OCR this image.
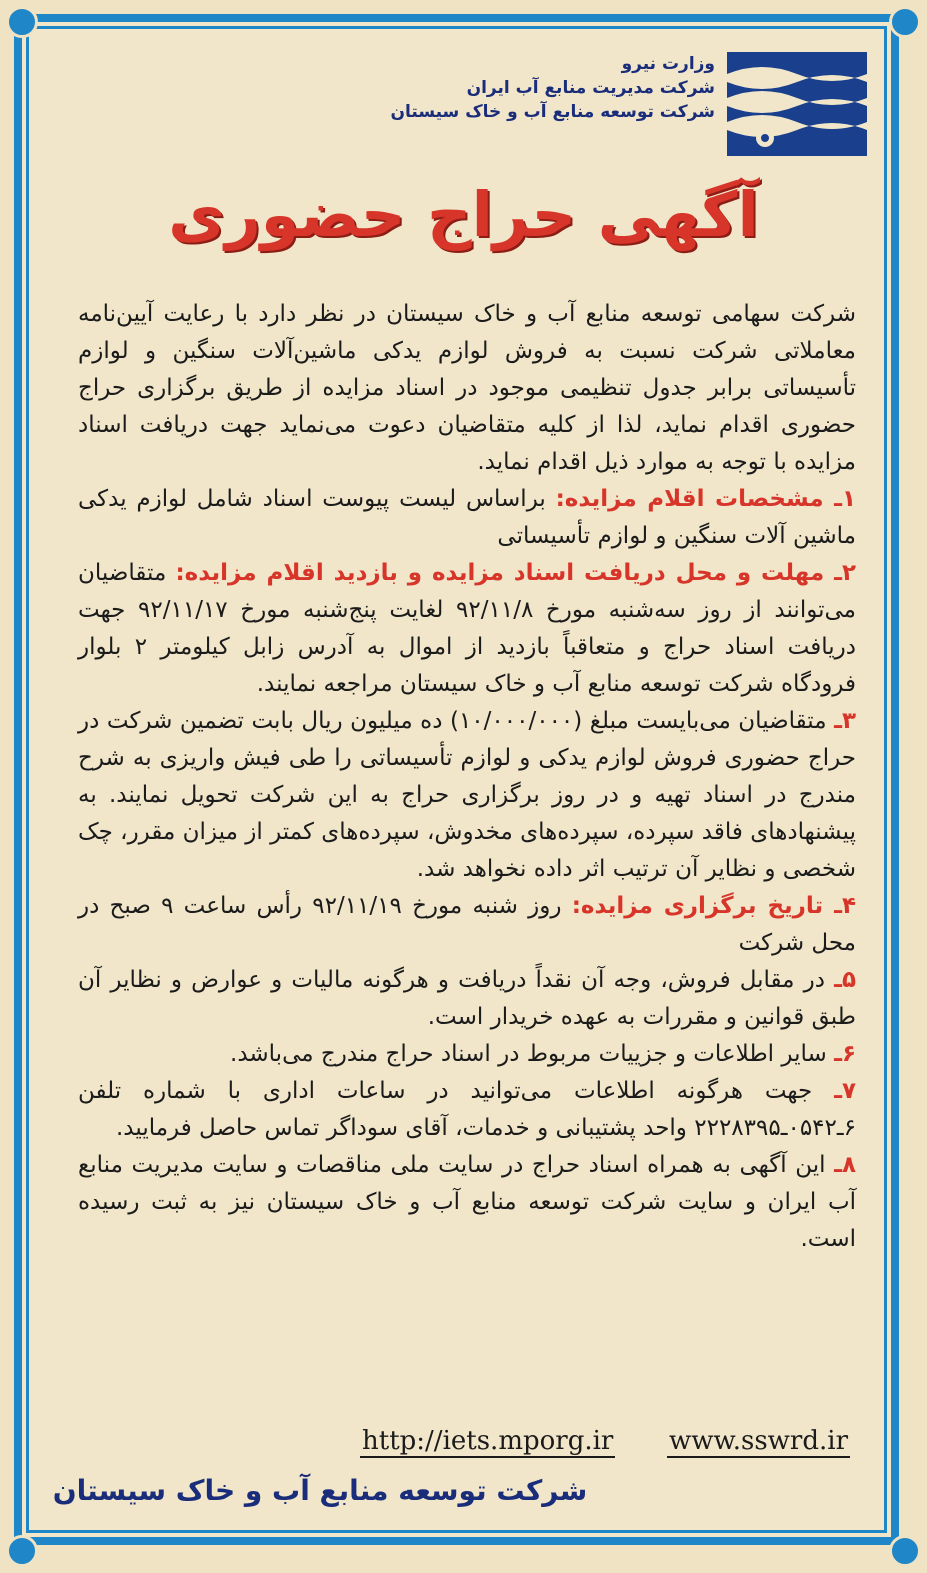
وزارت نیرو
شرکت مدیریت منابع آب ایران
شرکت توسعه منابع آب و خاک سیستان
آگهی حراج حضوری

شرکت سهامی توسعه منابع آب و خاک سیستان در نظر دارد با رعایت آیین‌نامه معاملاتی شرکت نسبت به فروش لوازم یدکی ماشین‌آلات سنگین و لوازم تأسیساتی برابر جدول تنظیمی موجود در اسناد مزایده از طریق برگزاری حراج حضوری اقدام نماید، لذا از کلیه متقاضیان دعوت می‌نماید جهت دریافت اسناد مزایده با توجه به موارد ذیل اقدام نماید.

۱ـ مشخصات اقلام مزایده: براساس لیست پیوست اسناد شامل لوازم یدکی ماشین آلات سنگین و لوازم تأسیساتی

۲ـ مهلت و محل دریافت اسناد مزایده و بازدید اقلام مزایده: متقاضیان می‌توانند از روز سه‌شنبه مورخ ۹۲/۱۱/۸ لغایت پنج‌شنبه مورخ ۹۲/۱۱/۱۷ جهت دریافت اسناد حراج و متعاقباً بازدید از اموال به آدرس زابل کیلومتر ۲ بلوار فرودگاه شرکت توسعه منابع آب و خاک سیستان مراجعه نمایند.

۳ـ متقاضیان می‌بایست مبلغ (۱۰/۰۰۰/۰۰۰) ده میلیون ریال بابت تضمین شرکت در حراج حضوری فروش لوازم یدکی و لوازم تأسیساتی را طی فیش واریزی به شرح مندرج در اسناد تهیه و در روز برگزاری حراج به این شرکت تحویل نمایند. به پیشنهادهای فاقد سپرده، سپرده‌های مخدوش، سپرده‌های کمتر از میزان مقرر، چک شخصی و نظایر آن ترتیب اثر داده نخواهد شد.

۴ـ تاریخ برگزاری مزایده: روز شنبه مورخ ۹۲/۱۱/۱۹ رأس ساعت ۹ صبح در محل شرکت

۵ـ در مقابل فروش، وجه آن نقداً دریافت و هرگونه مالیات و عوارض و نظایر آن طبق قوانین و مقررات به عهده خریدار است.

۶ـ سایر اطلاعات و جزییات مربوط در اسناد حراج مندرج می‌باشد.

۷ـ جهت هرگونه اطلاعات می‌توانید در ساعات اداری با شماره تلفن ۶ـ۰۵۴۲ـ۲۲۲۸۳۹۵ واحد پشتیبانی و خدمات، آقای سوداگر تماس حاصل فرمایید.

۸ـ این آگهی به همراه اسناد حراج در سایت ملی مناقصات و سایت مدیریت منابع آب ایران و سایت شرکت توسعه منابع آب و خاک سیستان نیز به ثبت رسیده است.

http://iets.mporg.ir www.sswrd.ir
شرکت توسعه منابع آب و خاک سیستان
